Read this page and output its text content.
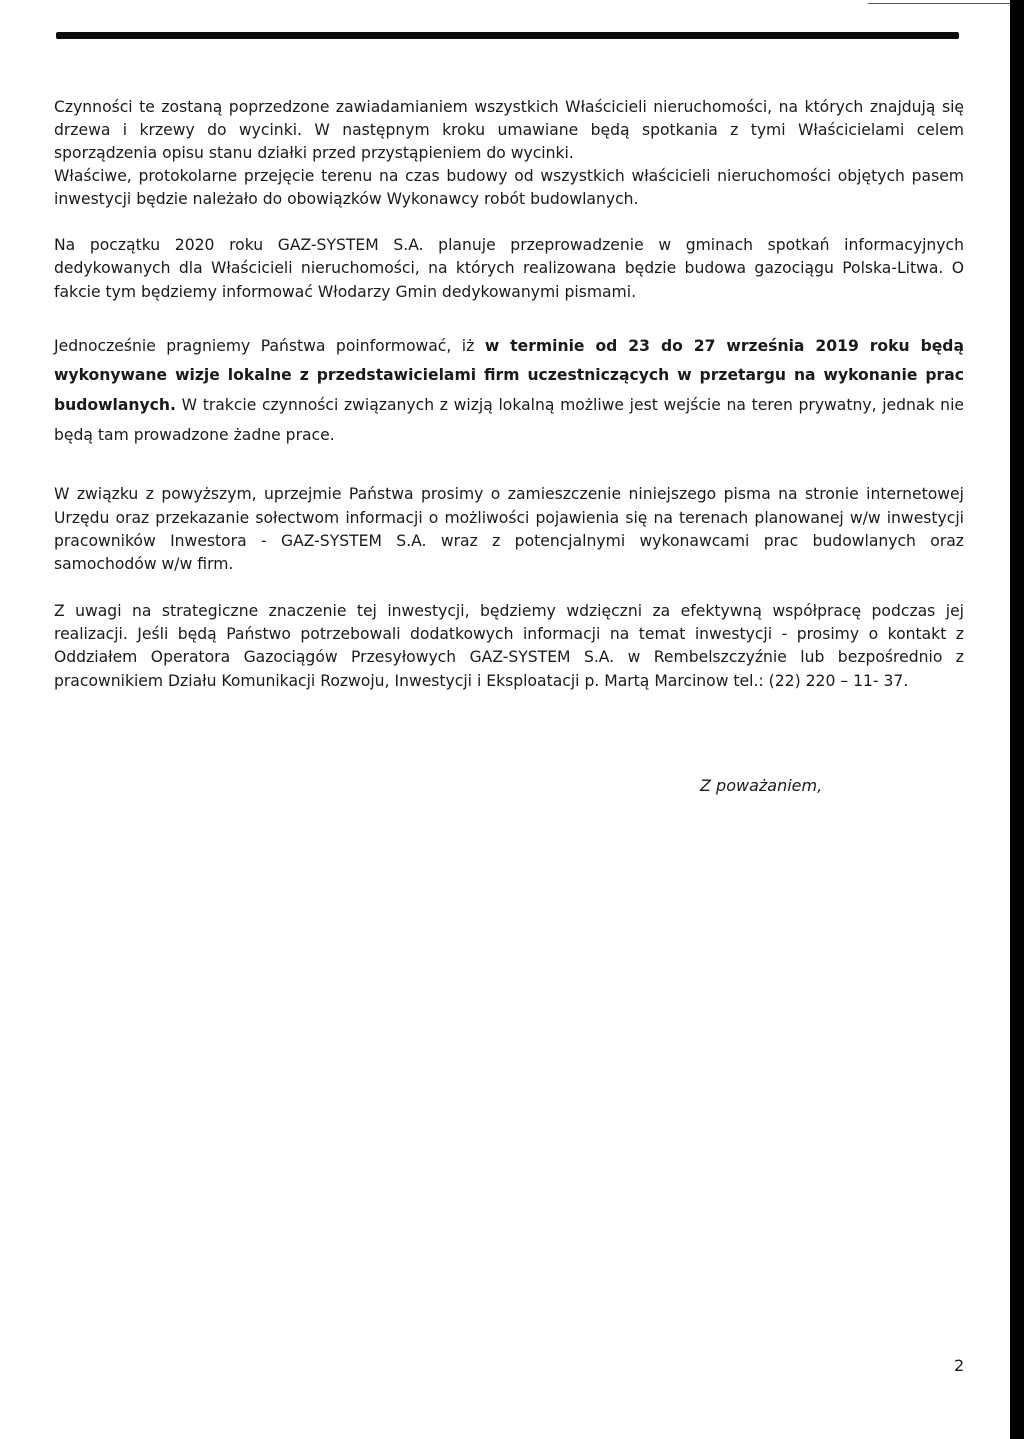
Czynności te zostaną poprzedzone zawiadamianiem wszystkich Właścicieli nieruchomości, na których znajdują się drzewa i krzewy do wycinki. W następnym kroku umawiane będą spotkania z tymi Właścicielami celem sporządzenia opisu stanu działki przed przystąpieniem do wycinki.
Właściwe, protokolarne przejęcie terenu na czas budowy od wszystkich właścicieli nieruchomości objętych pasem inwestycji będzie należało do obowiązków Wykonawcy robót budowlanych.

Na początku 2020 roku GAZ-SYSTEM S.A. planuje przeprowadzenie w gminach spotkań informacyjnych dedykowanych dla Właścicieli nieruchomości, na których realizowana będzie budowa gazociągu Polska-Litwa. O fakcie tym będziemy informować Włodarzy Gmin dedykowanymi pismami.

Jednocześnie pragniemy Państwa poinformować, iż w terminie od 23 do 27 września 2019 roku będą wykonywane wizje lokalne z przedstawicielami firm uczestniczących w przetargu na wykonanie prac budowlanych. W trakcie czynności związanych z wizją lokalną możliwe jest wejście na teren prywatny, jednak nie będą tam prowadzone żadne prace.

W związku z powyższym, uprzejmie Państwa prosimy o zamieszczenie niniejszego pisma na stronie internetowej Urzędu oraz przekazanie sołectwom informacji o możliwości pojawienia się na terenach planowanej w/w inwestycji pracowników Inwestora - GAZ-SYSTEM S.A. wraz z potencjalnymi wykonawcami prac budowlanych oraz samochodów w/w firm.

Z uwagi na strategiczne znaczenie tej inwestycji, będziemy wdzięczni za efektywną współpracę podczas jej realizacji. Jeśli będą Państwo potrzebowali dodatkowych informacji na temat inwestycji - prosimy o kontakt z Oddziałem Operatora Gazociągów Przesyłowych GAZ-SYSTEM S.A. w Rembelszczyźnie lub bezpośrednio z pracownikiem Działu Komunikacji Rozwoju, Inwestycji i Eksploatacji p. Martą Marcinow tel.: (22) 220 – 11- 37.

Z poważaniem,
2
